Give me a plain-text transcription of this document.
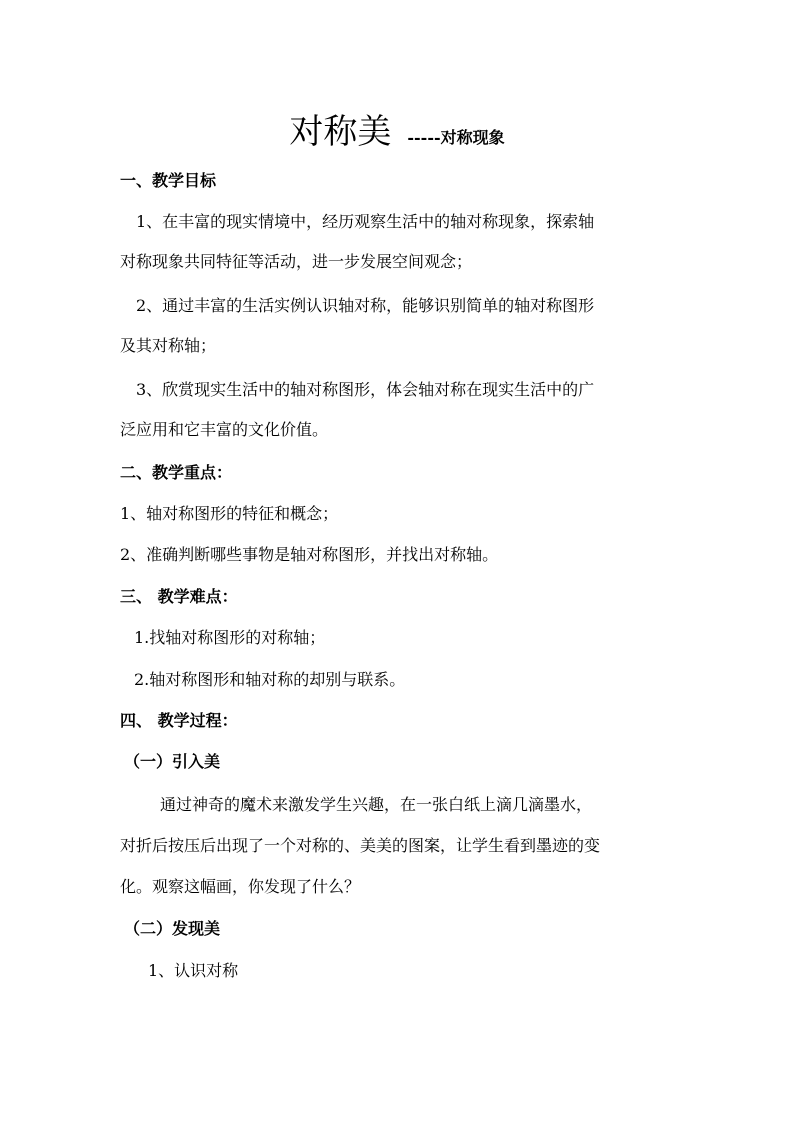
对称美 -----对称现象
一、教学目标
1、在丰富的现实情境中，经历观察生活中的轴对称现象，探索轴
对称现象共同特征等活动，进一步发展空间观念；
2、通过丰富的生活实例认识轴对称，能够识别简单的轴对称图形
及其对称轴；
3、欣赏现实生活中的轴对称图形，体会轴对称在现实生活中的广
泛应用和它丰富的文化价值。
二、教学重点：
1、轴对称图形的特征和概念；
2、准确判断哪些事物是轴对称图形，并找出对称轴。
三、 教学难点：
1.找轴对称图形的对称轴；
2.轴对称图形和轴对称的却别与联系。
四、 教学过程：
（一）引入美
通过神奇的魔术来激发学生兴趣，在一张白纸上滴几滴墨水，
对折后按压后出现了一个对称的、美美的图案，让学生看到墨迹的变
化。观察这幅画，你发现了什么？
（二）发现美
1、认识对称
